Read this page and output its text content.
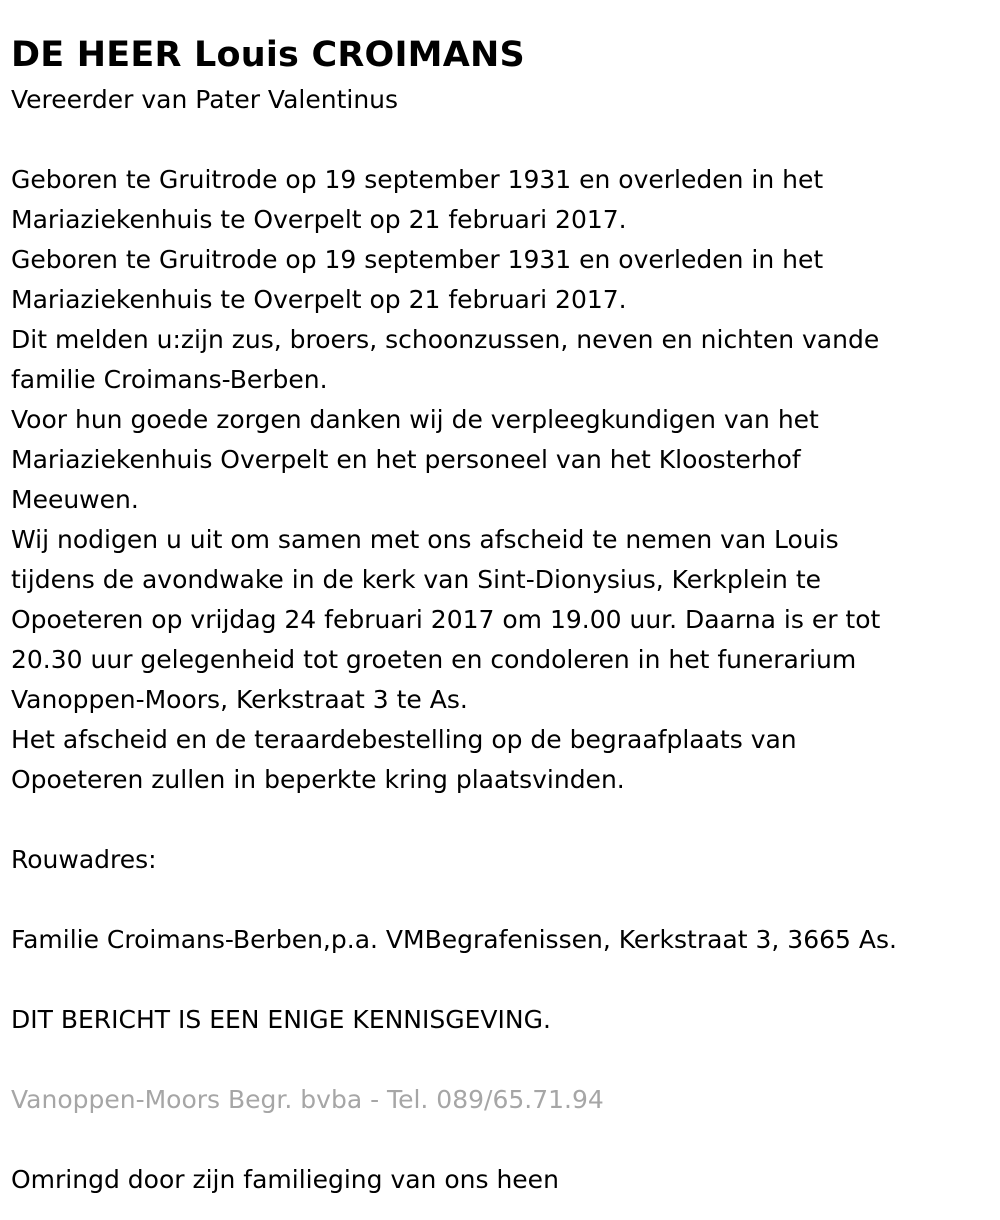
DE HEER Louis CROIMANS

Vereerder van Pater Valentinus

Geboren te Gruitrode op 19 september 1931 en overleden in het
Mariaziekenhuis te Overpelt op 21 februari 2017.

Geboren te Gruitrode op 19 september 1931 en overleden in het
Mariaziekenhuis te Overpelt op 21 februari 2017.

Dit melden u:zijn zus, broers, schoonzussen, neven en nichten vande
familie Croimans-Berben.

Voor hun goede zorgen danken wij de verpleegkundigen van het
Mariaziekenhuis Overpelt en het personeel van het Kloosterhof
Meeuwen.

Wij nodigen u uit om samen met ons afscheid te nemen van Louis
tijdens de avondwake in de kerk van Sint-Dionysius, Kerkplein te
Opoeteren op vrijdag 24 februari 2017 om 19.00 uur. Daarna is er tot
20.30 uur gelegenheid tot groeten en condoleren in het funerarium
Vanoppen-Moors, Kerkstraat 3 te As.

Het afscheid en de teraardebestelling op de begraafplaats van
Opoeteren zullen in beperkte kring plaatsvinden.

Rouwadres:

Familie Croimans-Berben,p.a. VMBegrafenissen, Kerkstraat 3, 3665 As.

DIT BERICHT IS EEN ENIGE KENNISGEVING.

Vanoppen-Moors Begr. bvba - Tel. 089/65.71.94

Omringd door zijn familieging van ons heen
